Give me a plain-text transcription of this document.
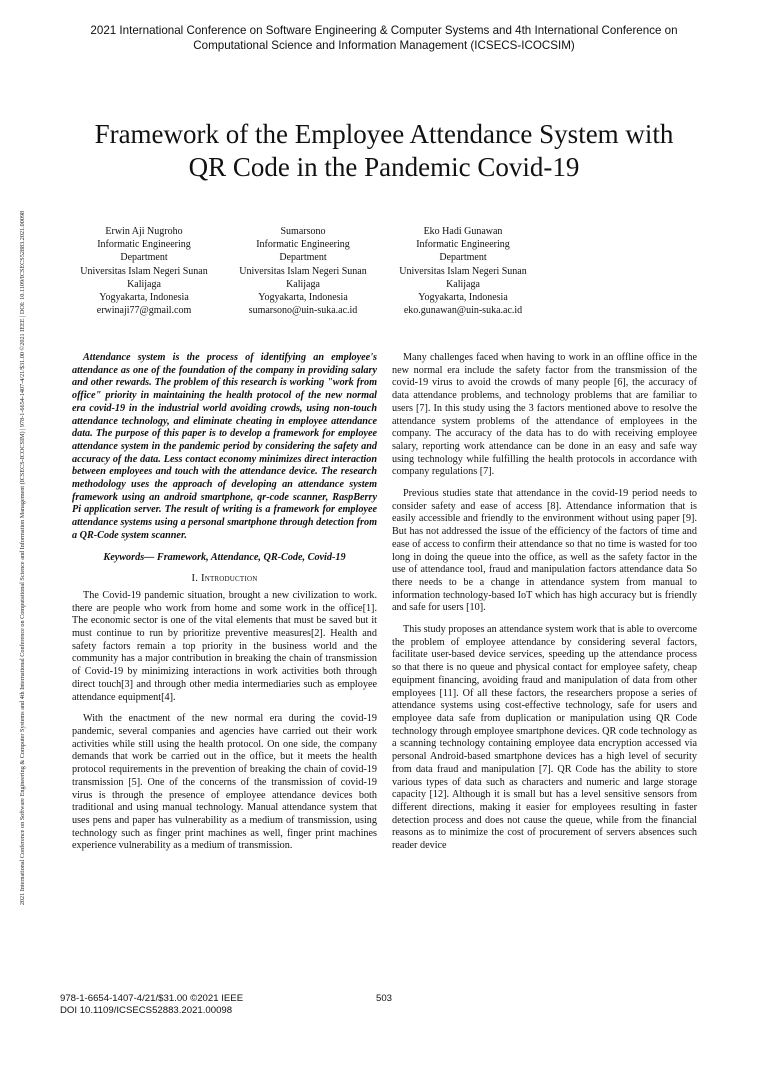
2021 International Conference on Software Engineering & Computer Systems and 4th International Conference on
Computational Science and Information Management (ICSECS-ICOCSIM)
2021 International Conference on Software Engineering & Computer Systems and 4th International Conference on Computational Science and Information Management (ICSECS-ICOCSIM) | 978-1-6654-1407-4/21/$31.00 ©2021 IEEE | DOI: 10.1109/ICSECS52883.2021.00098
Framework of the Employee Attendance System with
QR Code in the Pandemic Covid-19
Erwin Aji Nugroho
Informatic Engineering
Department
Universitas Islam Negeri Sunan
Kalijaga
Yogyakarta, Indonesia
erwinaji77@gmail.com
Sumarsono
Informatic Engineering
Department
Universitas Islam Negeri Sunan
Kalijaga
Yogyakarta, Indonesia
sumarsono@uin-suka.ac.id
Eko Hadi Gunawan
Informatic Engineering
Department
Universitas Islam Negeri Sunan
Kalijaga
Yogyakarta, Indonesia
eko.gunawan@uin-suka.ac.id

Attendance system is the process of identifying an employee's attendance as one of the foundation of the company in providing salary and other rewards. The problem of this research is working "work from office" priority in maintaining the health protocol of the new normal era covid-19 in the industrial world avoiding crowds, using non-touch attendance technology, and eliminate cheating in employee attendance data. The purpose of this paper is to develop a framework for employee attendance system in the pandemic period by considering the safety and accuracy of the data. Less contact economy minimizes direct interaction between employees and touch with the attendance device. The research methodology uses the approach of developing an attendance system framework using an android smartphone, qr-code scanner, RaspBerry Pi application server. The result of writing is a framework for employee attendance systems using a personal smartphone through detection from a QR-Code system scanner.

Keywords— Framework, Attendance, QR-Code, Covid-19

I. Introduction

The Covid-19 pandemic situation, brought a new civilization to work. there are people who work from home and some work in the office[1]. The economic sector is one of the vital elements that must be saved but it must continue to run by prioritize preventive measures[2]. Health and safety factors remain a top priority in the business world and the community has a major contribution in breaking the chain of transmission of Covid-19 by minimizing interactions in work activities both through direct touch[3] and through other media intermediaries such as employee attendance equipment[4].

With the enactment of the new normal era during the covid-19 pandemic, several companies and agencies have carried out their work activities while still using the health protocol. On one side, the company demands that work be carried out in the office, but it meets the health protocol requirements in the prevention of breaking the chain of covid-19 transmission [5]. One of the concerns of the transmission of covid-19 virus is through the presence of employee attendance devices both traditional and using manual technology. Manual attendance system that uses pens and paper has vulnerability as a medium of transmission, using technology such as finger print machines as well, finger print machines experience vulnerability as a medium of transmission.

Many challenges faced when having to work in an offline office in the new normal era include the safety factor from the transmission of the covid-19 virus to avoid the crowds of many people [6], the accuracy of data attendance problems, and technology problems that are familiar to users [7]. In this study using the 3 factors mentioned above to resolve the attendance system problems of the attendance of employees in the company. The accuracy of the data has to do with receiving employee salary, reporting work attendance can be done in an easy and safe way using technology while fulfilling the health protocols in accordance with company regulations [7].

Previous studies state that attendance in the covid-19 period needs to consider safety and ease of access [8]. Attendance information that is easily accessible and friendly to the environment without using paper [9]. But has not addressed the issue of the efficiency of the factors of time and ease of access to confirm their attendance so that no time is wasted for too long in doing the queue into the office, as well as the safety factor in the use of attendance tool, fraud and manipulation factors attendance data So there needs to be a change in attendance system from manual to information technology-based IoT which has high accuracy but is friendly and safe for users [10].

This study proposes an attendance system work that is able to overcome the problem of employee attendance by considering several factors, facilitate user-based device services, speeding up the attendance process so that there is no queue and physical contact for employee safety, cheap equipment financing, avoiding fraud and manipulation of data from other employees [11]. Of all these factors, the researchers propose a series of attendance systems using cost-effective technology, safe for users and employee data safe from duplication or manipulation using QR Code technology through employee smartphone devices. QR code technology as a scanning technology containing employee data encryption accessed via personal Android-based smartphone devices has a high level of security from data fraud and manipulation [7]. QR Code has the ability to store various types of data such as characters and numeric and large storage capacity [12]. Although it is small but has a level sensitive sensors from different directions, making it easier for employees resulting in faster detection process and does not cause the queue, while from the financial reasons as to minimize the cost of procurement of servers absences such reader device

978-1-6654-1407-4/21/$31.00 ©2021 IEEE
DOI 10.1109/ICSECS52883.2021.00098
503
